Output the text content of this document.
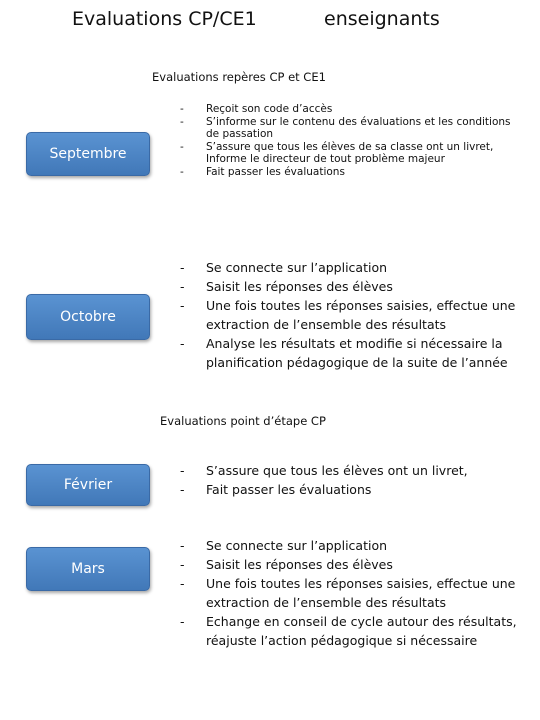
Evaluations CP/CE1	enseignants
Evaluations repères CP et CE1
Septembre
- Reçoit son code d’accès
- S’informe sur le contenu des évaluations et les conditions de passation
- S’assure que tous les élèves de sa classe ont un livret, Informe le directeur de tout problème majeur
- Fait passer les évaluations
Octobre
- Se connecte sur l’application
- Saisit les réponses des élèves
- Une fois toutes les réponses saisies, effectue une extraction de l’ensemble des résultats
- Analyse les résultats et modifie si nécessaire la planification pédagogique de la suite de l’année
Evaluations point d’étape CP
Février
- S’assure que tous les élèves ont un livret,
- Fait passer les évaluations
Mars
- Se connecte sur l’application
- Saisit les réponses des élèves
- Une fois toutes les réponses saisies, effectue une extraction de l’ensemble des résultats
- Echange en conseil de cycle autour des résultats, réajuste l’action pédagogique si nécessaire
